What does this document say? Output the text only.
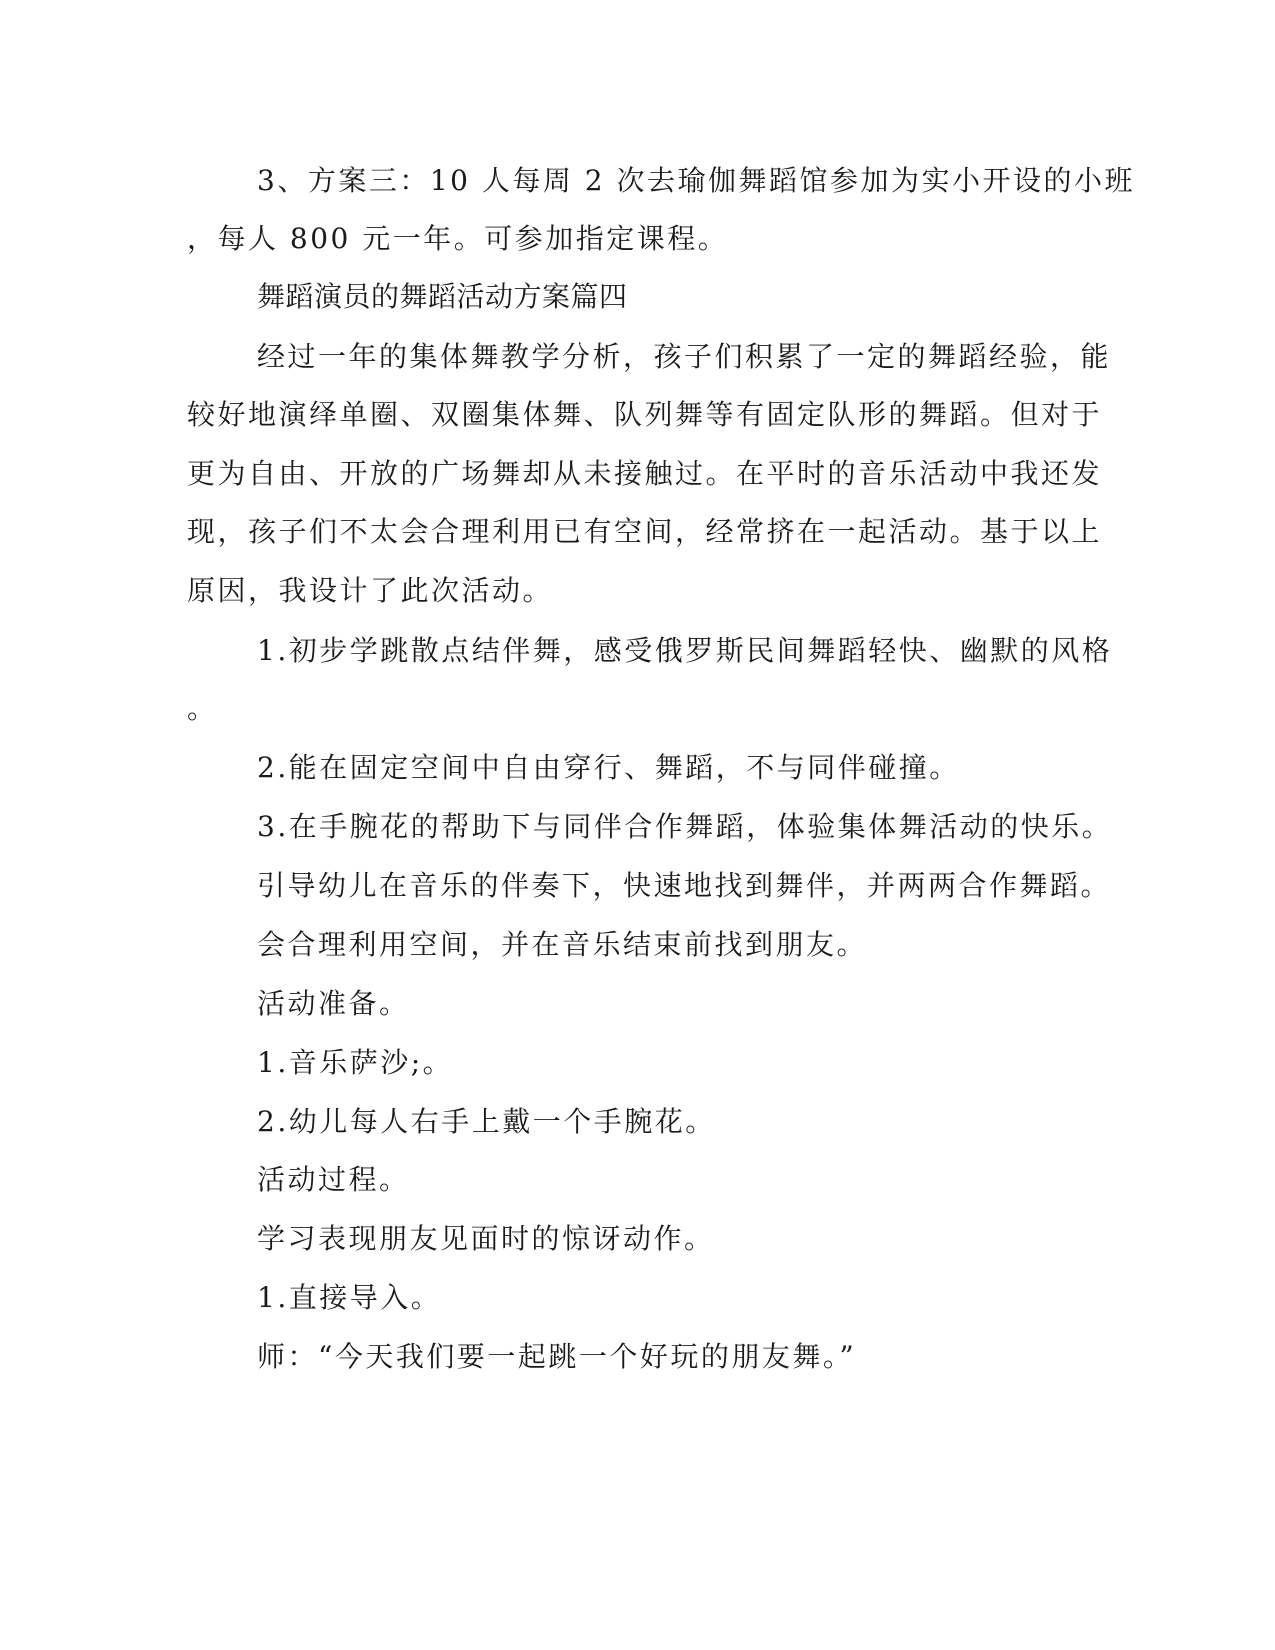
3、方案三：10 人每周 2 次去瑜伽舞蹈馆参加为实小开设的小班
，每人 800 元一年。可参加指定课程。
舞蹈演员的舞蹈活动方案篇四
经过一年的集体舞教学分析，孩子们积累了一定的舞蹈经验，能
较好地演绎单圈、双圈集体舞、队列舞等有固定队形的舞蹈。但对于
更为自由、开放的广场舞却从未接触过。在平时的音乐活动中我还发
现，孩子们不太会合理利用已有空间，经常挤在一起活动。基于以上
原因，我设计了此次活动。
1.初步学跳散点结伴舞，感受俄罗斯民间舞蹈轻快、幽默的风格
。
2.能在固定空间中自由穿行、舞蹈，不与同伴碰撞。
3.在手腕花的帮助下与同伴合作舞蹈，体验集体舞活动的快乐。
引导幼儿在音乐的伴奏下，快速地找到舞伴，并两两合作舞蹈。
会合理利用空间，并在音乐结束前找到朋友。
活动准备。
1.音乐萨沙;。
2.幼儿每人右手上戴一个手腕花。
活动过程。
学习表现朋友见面时的惊讶动作。
1.直接导入。
师：“今天我们要一起跳一个好玩的朋友舞。”
